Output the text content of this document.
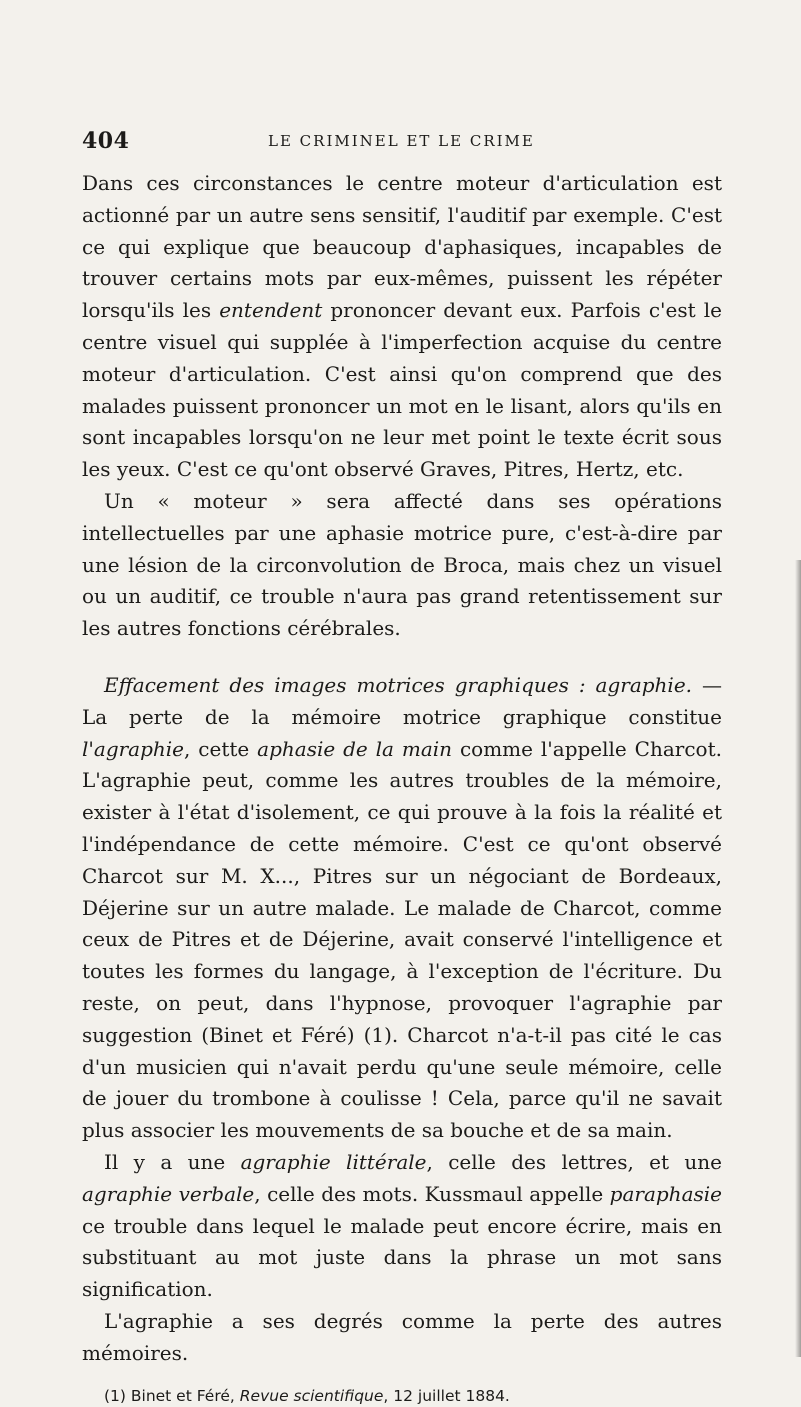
404	LE CRIMINEL ET LE CRIME

Dans ces circonstances le centre moteur d'articulation est actionné par un autre sens sensitif, l'auditif par exemple. C'est ce qui explique que beaucoup d'aphasiques, incapables de trouver certains mots par eux-mêmes, puissent les répéter lorsqu'ils les entendent prononcer devant eux. Parfois c'est le centre visuel qui supplée à l'imperfection acquise du centre moteur d'articulation. C'est ainsi qu'on comprend que des malades puissent prononcer un mot en le lisant, alors qu'ils en sont incapables lorsqu'on ne leur met point le texte écrit sous les yeux. C'est ce qu'ont observé Graves, Pitres, Hertz, etc.

Un « moteur » sera affecté dans ses opérations intellectuelles par une aphasie motrice pure, c'est-à-dire par une lésion de la circonvolution de Broca, mais chez un visuel ou un auditif, ce trouble n'aura pas grand retentissement sur les autres fonctions cérébrales.

Effacement des images motrices graphiques : agraphie. — La perte de la mémoire motrice graphique constitue l'agraphie, cette aphasie de la main comme l'appelle Charcot. L'agraphie peut, comme les autres troubles de la mémoire, exister à l'état d'isolement, ce qui prouve à la fois la réalité et l'indépendance de cette mémoire. C'est ce qu'ont observé Charcot sur M. X..., Pitres sur un négociant de Bordeaux, Déjerine sur un autre malade. Le malade de Charcot, comme ceux de Pitres et de Déjerine, avait conservé l'intelligence et toutes les formes du langage, à l'exception de l'écriture. Du reste, on peut, dans l'hypnose, provoquer l'agraphie par suggestion (Binet et Féré) (1). Charcot n'a-t-il pas cité le cas d'un musicien qui n'avait perdu qu'une seule mémoire, celle de jouer du trombone à coulisse ! Cela, parce qu'il ne savait plus associer les mouvements de sa bouche et de sa main.

Il y a une agraphie littérale, celle des lettres, et une agraphie verbale, celle des mots. Kussmaul appelle paraphasie ce trouble dans lequel le malade peut encore écrire, mais en substituant au mot juste dans la phrase un mot sans signification.

L'agraphie a ses degrés comme la perte des autres mémoires.

(1) Binet et Féré, Revue scientifique, 12 juillet 1884.
